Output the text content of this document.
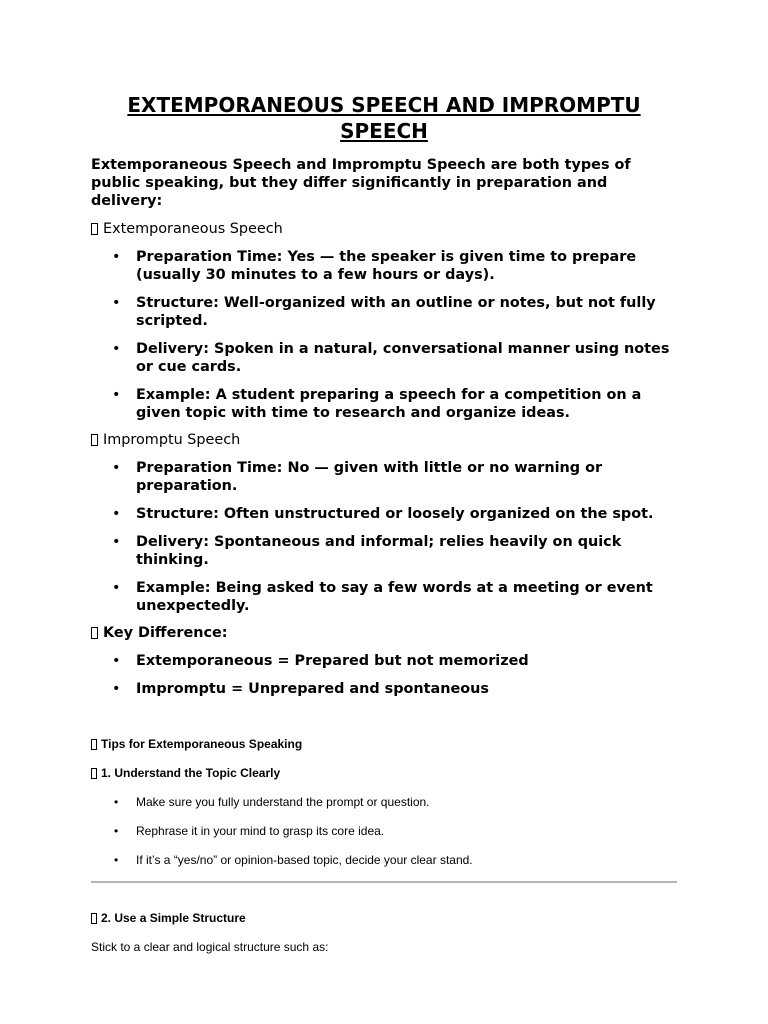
EXTEMPORANEOUS SPEECH AND IMPROMPTU SPEECH

Extemporaneous Speech and Impromptu Speech are both types of public speaking, but they differ significantly in preparation and delivery:

Extemporaneous Speech
• Preparation Time: Yes — the speaker is given time to prepare (usually 30 minutes to a few hours or days).
• Structure: Well-organized with an outline or notes, but not fully scripted.
• Delivery: Spoken in a natural, conversational manner using notes or cue cards.
• Example: A student preparing a speech for a competition on a given topic with time to research and organize ideas.
Impromptu Speech
• Preparation Time: No — given with little or no warning or preparation.
• Structure: Often unstructured or loosely organized on the spot.
• Delivery: Spontaneous and informal; relies heavily on quick thinking.
• Example: Being asked to say a few words at a meeting or event unexpectedly.
Key Difference:
• Extemporaneous = Prepared but not memorized
• Impromptu = Unprepared and spontaneous
Tips for Extemporaneous Speaking
1. Understand the Topic Clearly
• Make sure you fully understand the prompt or question.
• Rephrase it in your mind to grasp its core idea.
• If it’s a “yes/no” or opinion-based topic, decide your clear stand.
2. Use a Simple Structure

Stick to a clear and logical structure such as:
